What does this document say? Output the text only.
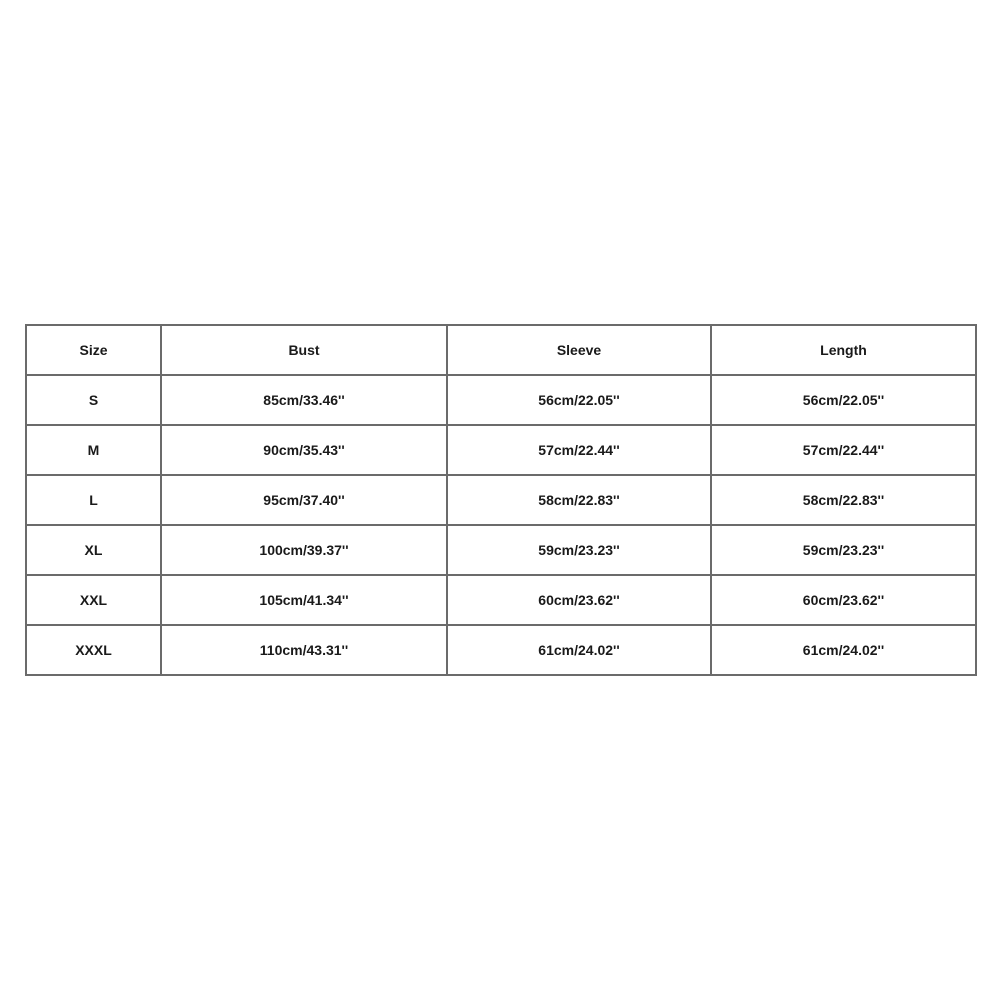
Size	Bust	Sleeve	Length
S	85cm/33.46''	56cm/22.05''	56cm/22.05''
M	90cm/35.43''	57cm/22.44''	57cm/22.44''
L	95cm/37.40''	58cm/22.83''	58cm/22.83''
XL	100cm/39.37''	59cm/23.23''	59cm/23.23''
XXL	105cm/41.34''	60cm/23.62''	60cm/23.62''
XXXL	110cm/43.31''	61cm/24.02''	61cm/24.02''
